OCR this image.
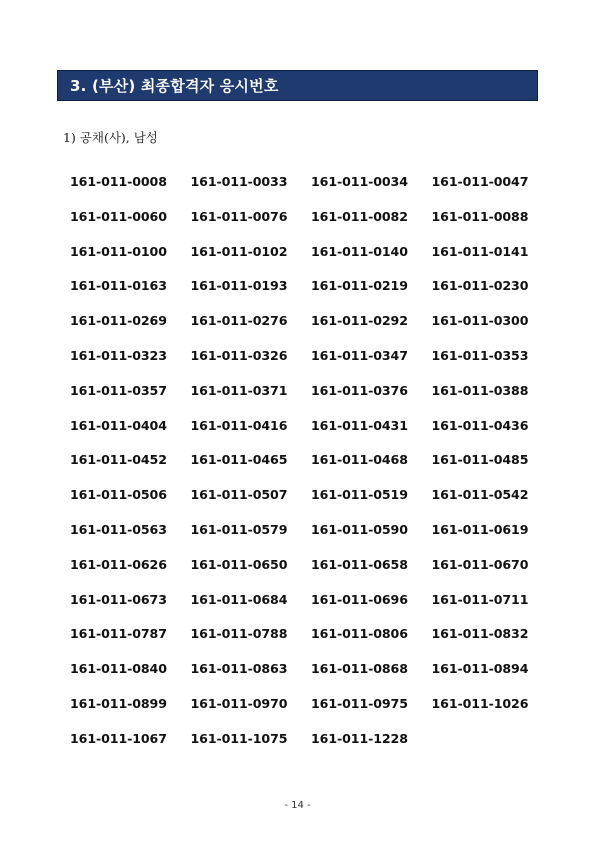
3. (부산) 최종합격자 응시번호
1) 공채(사), 남성
161-011-0008	161-011-0033	161-011-0034	161-011-0047
161-011-0060	161-011-0076	161-011-0082	161-011-0088
161-011-0100	161-011-0102	161-011-0140	161-011-0141
161-011-0163	161-011-0193	161-011-0219	161-011-0230
161-011-0269	161-011-0276	161-011-0292	161-011-0300
161-011-0323	161-011-0326	161-011-0347	161-011-0353
161-011-0357	161-011-0371	161-011-0376	161-011-0388
161-011-0404	161-011-0416	161-011-0431	161-011-0436
161-011-0452	161-011-0465	161-011-0468	161-011-0485
161-011-0506	161-011-0507	161-011-0519	161-011-0542
161-011-0563	161-011-0579	161-011-0590	161-011-0619
161-011-0626	161-011-0650	161-011-0658	161-011-0670
161-011-0673	161-011-0684	161-011-0696	161-011-0711
161-011-0787	161-011-0788	161-011-0806	161-011-0832
161-011-0840	161-011-0863	161-011-0868	161-011-0894
161-011-0899	161-011-0970	161-011-0975	161-011-1026
161-011-1067	161-011-1075	161-011-1228
- 14 -
